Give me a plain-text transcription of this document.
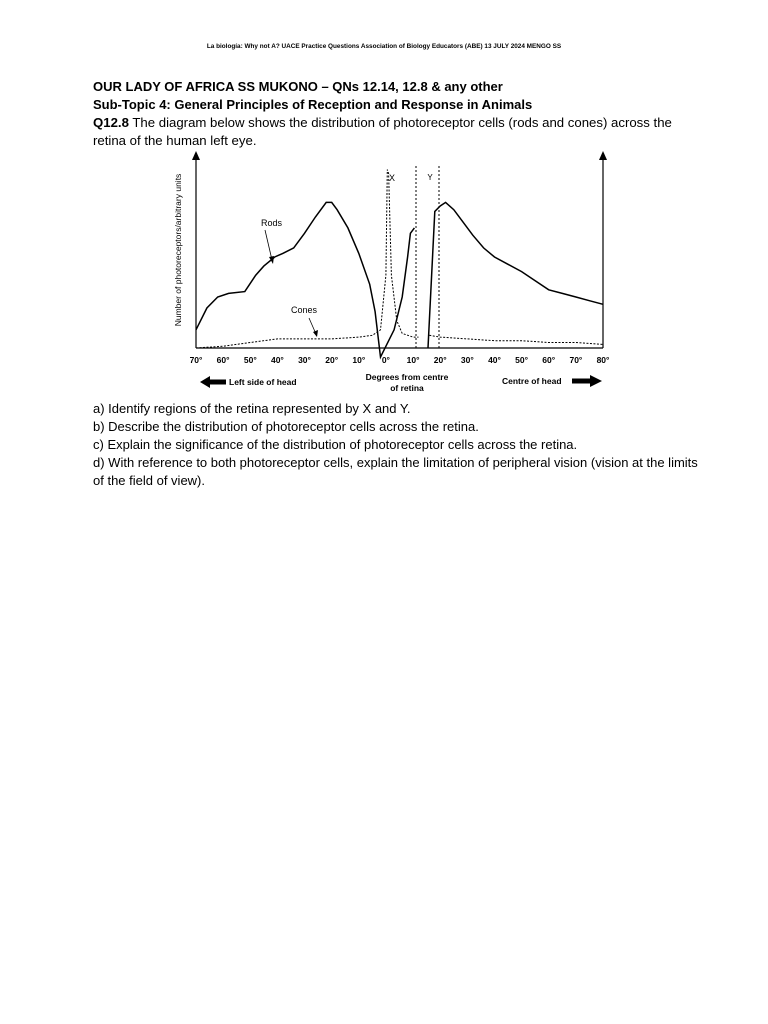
La biología: Why not A? UACE Practice Questions Association of Biology Educators (ABE) 13 JULY 2024 MENGO SS
OUR LADY OF AFRICA SS MUKONO – QNs 12.14, 12.8 & any other
Sub-Topic 4: General Principles of Reception and Response in Animals
Q12.8 The diagram below shows the distribution of photoreceptor cells (rods and cones) across the retina of the human left eye.
Number of photoreceptors/arbitrary units	X	Y
Rods
Cones
70° 60° 50° 40° 30° 20° 10° 0° 10° 20° 30° 40° 50° 60° 70° 80°
Left side of head	Degrees from centre
of retina
Centre of head
a) Identify regions of the retina represented by X and Y.
b) Describe the distribution of photoreceptor cells across the retina.
c) Explain the significance of the distribution of photoreceptor cells across the retina.
d) With reference to both photoreceptor cells, explain the limitation of peripheral vision (vision at the limits of the field of view).
